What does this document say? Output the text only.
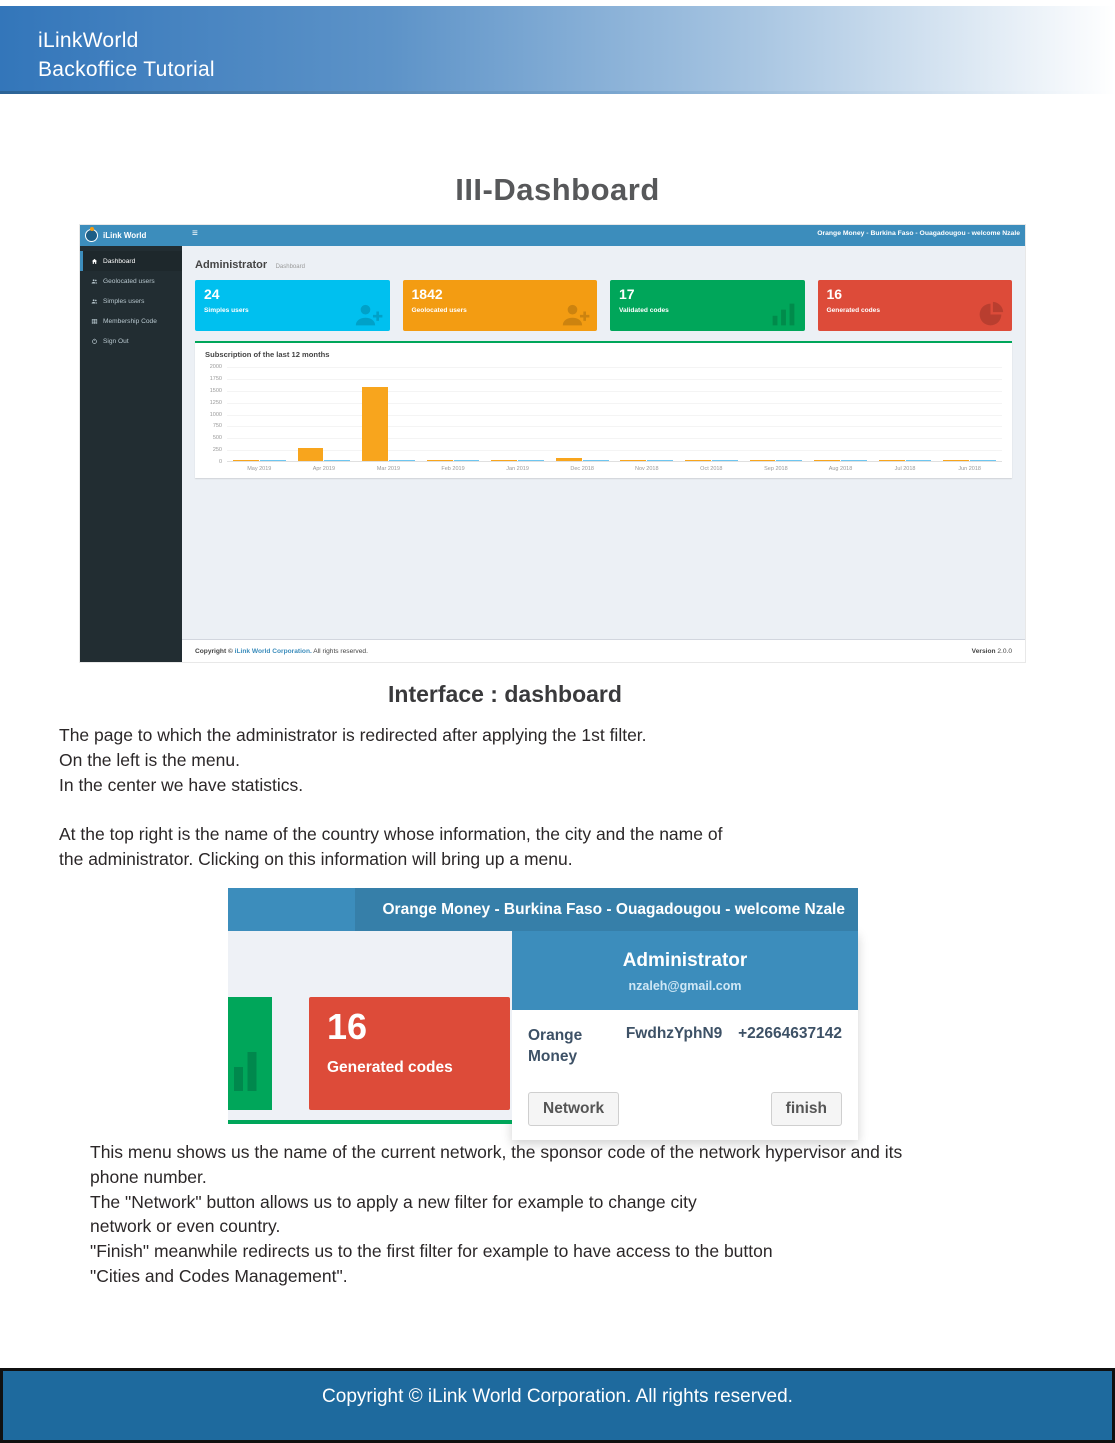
iLinkWorld
Backoffice Tutorial
III-Dashboard
iLink World	≡	Orange Money - Burkina Faso - Ouagadougou - welcome Nzale
Dashboard
Geolocated users
Simples users
Membership Code
Sign Out
Administrator Dashboard
24
Simples users
1842
Geolocated users
17
Validated codes
16
Generated codes
Subscription of the last 12 months
0
250
500
750
1000
1250
1500
1750
2000
May 2019	Apr 2019	Mar 2019	Feb 2019	Jan 2019	Dec 2018	Nov 2018	Oct 2018	Sep 2018	Aug 2018	Jul 2018	Jun 2018
Copyright © iLink World Corporation. All rights reserved.	Version 2.0.0
Interface : dashboard
The page to which the administrator is redirected after applying the 1st filter.
On the left is the menu.
In the center we have statistics.

At the top right is the name of the country whose information, the city and the name of
the administrator. Clicking on this information will bring up a menu.
Orange Money - Burkina Faso - Ouagadougou - welcome Nzale
16
Generated codes
Administrator
nzaleh@gmail.com
Orange Money
FwdhzYphN9 +22664637142
Network	finish
This menu shows us the name of the current network, the sponsor code of the network hypervisor and its
phone number.
The "Network" button allows us to apply a new filter for example to change city
network or even country.
"Finish" meanwhile redirects us to the first filter for example to have access to the button
"Cities and Codes Management".
Copyright © iLink World Corporation. All rights reserved.
